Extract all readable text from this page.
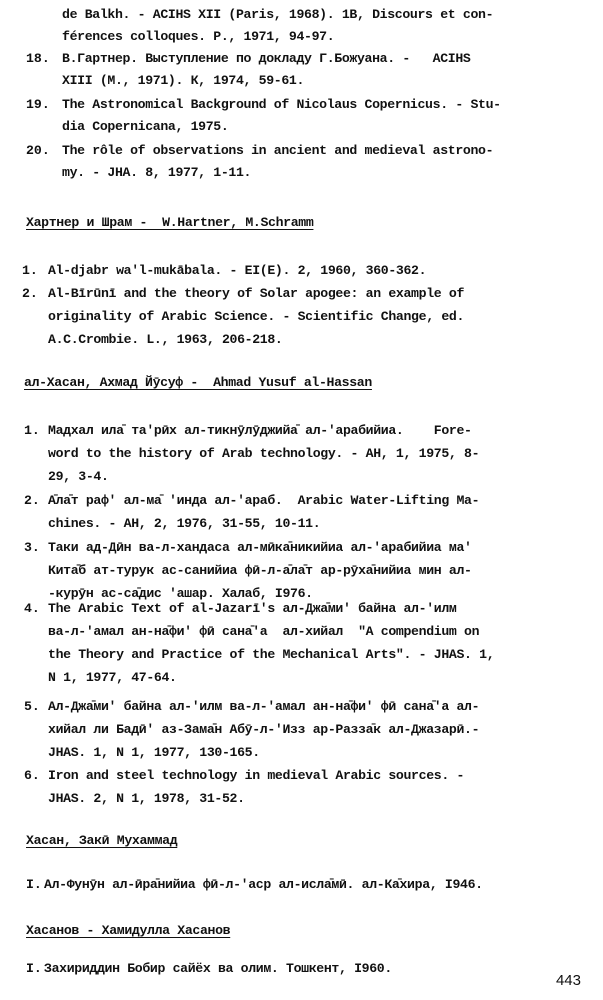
de Balkh. - ACIHS XII (Paris, 1968). 1B, Discours et con-
férences colloques. P., 1971, 94-97.
18. В.Гартнер. Выступление по докладу Г.Божуана. -   ACIHS
XIII (М., 1971). К, 1974, 59-61.
19. The Astronomical Background of Nicolaus Copernicus. - Stu-
dia Copernicana, 1975.
20. The rôle of observations in ancient and medieval astrono-
my. - JHA. 8, 1977, 1-11.
Хартнер и Шрам -  W.Hartner, M.Schramm
1. Al-djabr wa'l-mukābala. - EI(E). 2, 1960, 360-362.
2. Al-Bīrūnī and the theory of Solar apogee: an example of
originality of Arabic Science. - Scientific Change, ed.
A.C.Crombie. L., 1963, 206-218.
ал-Хасан, Ахмад Йӯсуф -  Ahmad Yusuf al-Hassan
1. Мадхал ила̄ та'рӣх ал-тикнӯлӯджийа̄ ал-'арабийиа.    Fore-
word to the history of Arab technology. - AH, 1, 1975, 8-
29, 3-4.
2. А̄ла̄т раф' ал-ма̄ 'инда ал-'араб.  Arabic Water-Lifting Ma-
chines. - AH, 2, 1976, 31-55, 10-11.
3. Таки ад-Дӣн ва-л-хандаса ал-мӣка̄никийиа ал-'арабийиа ма'
Кита̄б ат-турук ас-санийиа фӣ-л-а̄ла̄т ар-рӯха̄нийиа мин ал-
-курӯн ас-са̄дис 'ашар. Халаб, I976.
4. The Arabic Text of al-Jazarī's ал-Джа̄ми' байна ал-'илм
ва-л-'амал ан-на̄фи' фӣ сана̄'а  ал-хийал  "A compendium on
the Theory and Practice of the Mechanical Arts". - JHAS. 1,
N 1, 1977, 47-64.
5. Ал-Джа̄ми' байна ал-'илм ва-л-'амал ан-на̄фи' фӣ сана̄'а ал-
хийал ли Бадӣ' аз-Зама̄н Абӯ-л-'Изз ар-Разза̄к ал-Джазарӣ.-
JHAS. 1, N 1, 1977, 130-165.
6. Iron and steel technology in medieval Arabic sources. -
JHAS. 2, N 1, 1978, 31-52.
Хасан, Закӣ Мухаммад
I. Ал-Фунӯн ал-ӣра̄нийиа фӣ-л-'аср ал-исла̄мӣ. ал-Ка̄хира, I946.
Хасанов - Хамидулла Хасанов
I. Захириддин Бобир сайёх ва олим. Тошкент, I960.
443
